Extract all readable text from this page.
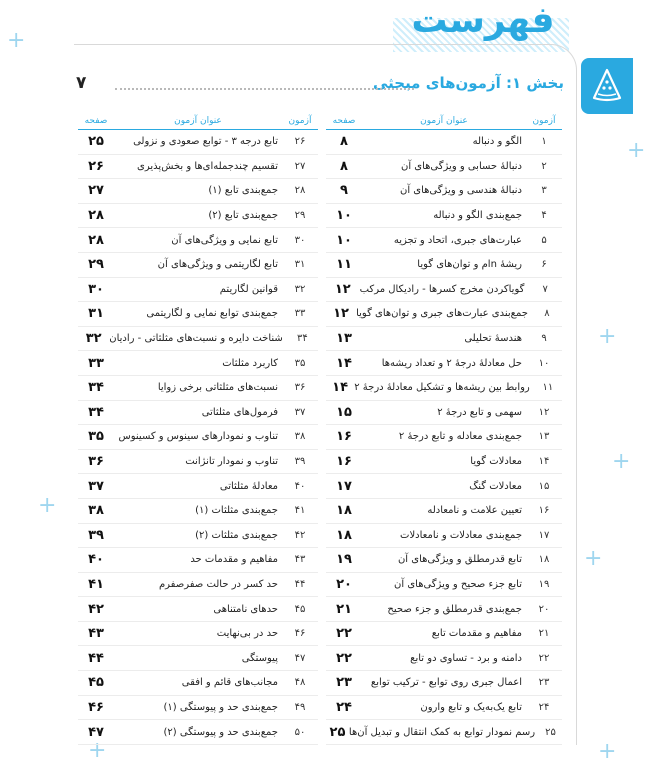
+
+
+
+
+
+
+
+
فهرست
بخش ۱: آزمون‌های مبحثی
۷
آزمون
عنوان آزمون
صفحه
۱
الگو و دنباله
۸
۲
دنبالهٔ حسابی و ویژگی‌های آن
۸
۳
دنبالهٔ هندسی و ویژگی‌های آن
۹
۴
جمع‌بندی الگو و دنباله
۱۰
۵
عبارت‌های جبری، اتحاد و تجزیه
۱۰
۶
ریشهٔ nام و توان‌های گویا
۱۱
۷
گویاکردن مخرج کسرها - رادیکال مرکب
۱۲
۸
جمع‌بندی عبارت‌های جبری و توان‌های گویا
۱۲
۹
هندسهٔ تحلیلی
۱۳
۱۰
حل معادلهٔ درجهٔ ۲ و تعداد ریشه‌ها
۱۴
۱۱
روابط بین ریشه‌ها و تشکیل معادلهٔ درجهٔ ۲
۱۴
۱۲
سهمی و تابع درجهٔ ۲
۱۵
۱۳
جمع‌بندی معادله و تابع درجهٔ ۲
۱۶
۱۴
معادلات گویا
۱۶
۱۵
معادلات گنگ
۱۷
۱۶
تعیین علامت و نامعادله
۱۸
۱۷
جمع‌بندی معادلات و نامعادلات
۱۸
۱۸
تابع قدرمطلق و ویژگی‌های آن
۱۹
۱۹
تابع جزء صحیح و ویژگی‌های آن
۲۰
۲۰
جمع‌بندی قدرمطلق و جزء صحیح
۲۱
۲۱
مفاهیم و مقدمات تابع
۲۲
۲۲
دامنه و برد - تساوی دو تابع
۲۲
۲۳
اعمال جبری روی توابع - ترکیب توابع
۲۳
۲۴
تابع یک‌به‌یک و تابع وارون
۲۴
۲۵
رسم نمودار توابع به کمک انتقال و تبدیل آن‌ها
۲۵
آزمون
عنوان آزمون
صفحه
۲۶
تابع درجه ۳ - توابع صعودی و نزولی
۲۵
۲۷
تقسیم چندجمله‌ای‌ها و بخش‌پذیری
۲۶
۲۸
جمع‌بندی تابع (۱)
۲۷
۲۹
جمع‌بندی تابع (۲)
۲۸
۳۰
تابع نمایی و ویژگی‌های آن
۲۸
۳۱
تابع لگاریتمی و ویژگی‌های آن
۲۹
۳۲
قوانین لگاریتم
۳۰
۳۳
جمع‌بندی توابع نمایی و لگاریتمی
۳۱
۳۴
شناخت دایره و نسبت‌های مثلثاتی - رادیان
۳۲
۳۵
کاربرد مثلثات
۳۳
۳۶
نسبت‌های مثلثاتی برخی زوایا
۳۴
۳۷
فرمول‌های مثلثاتی
۳۴
۳۸
تناوب و نمودارهای سینوس و کسینوس
۳۵
۳۹
تناوب و نمودار تانژانت
۳۶
۴۰
معادلهٔ مثلثاتی
۳۷
۴۱
جمع‌بندی مثلثات (۱)
۳۸
۴۲
جمع‌بندی مثلثات (۲)
۳۹
۴۳
مفاهیم و مقدمات حد
۴۰
۴۴
حد کسر در حالت صفرصفرم
۴۱
۴۵
حدهای نامتناهی
۴۲
۴۶
حد در بی‌نهایت
۴۳
۴۷
پیوستگی
۴۴
۴۸
مجانب‌های قائم و افقی
۴۵
۴۹
جمع‌بندی حد و پیوستگی (۱)
۴۶
۵۰
جمع‌بندی حد و پیوستگی (۲)
۴۷
